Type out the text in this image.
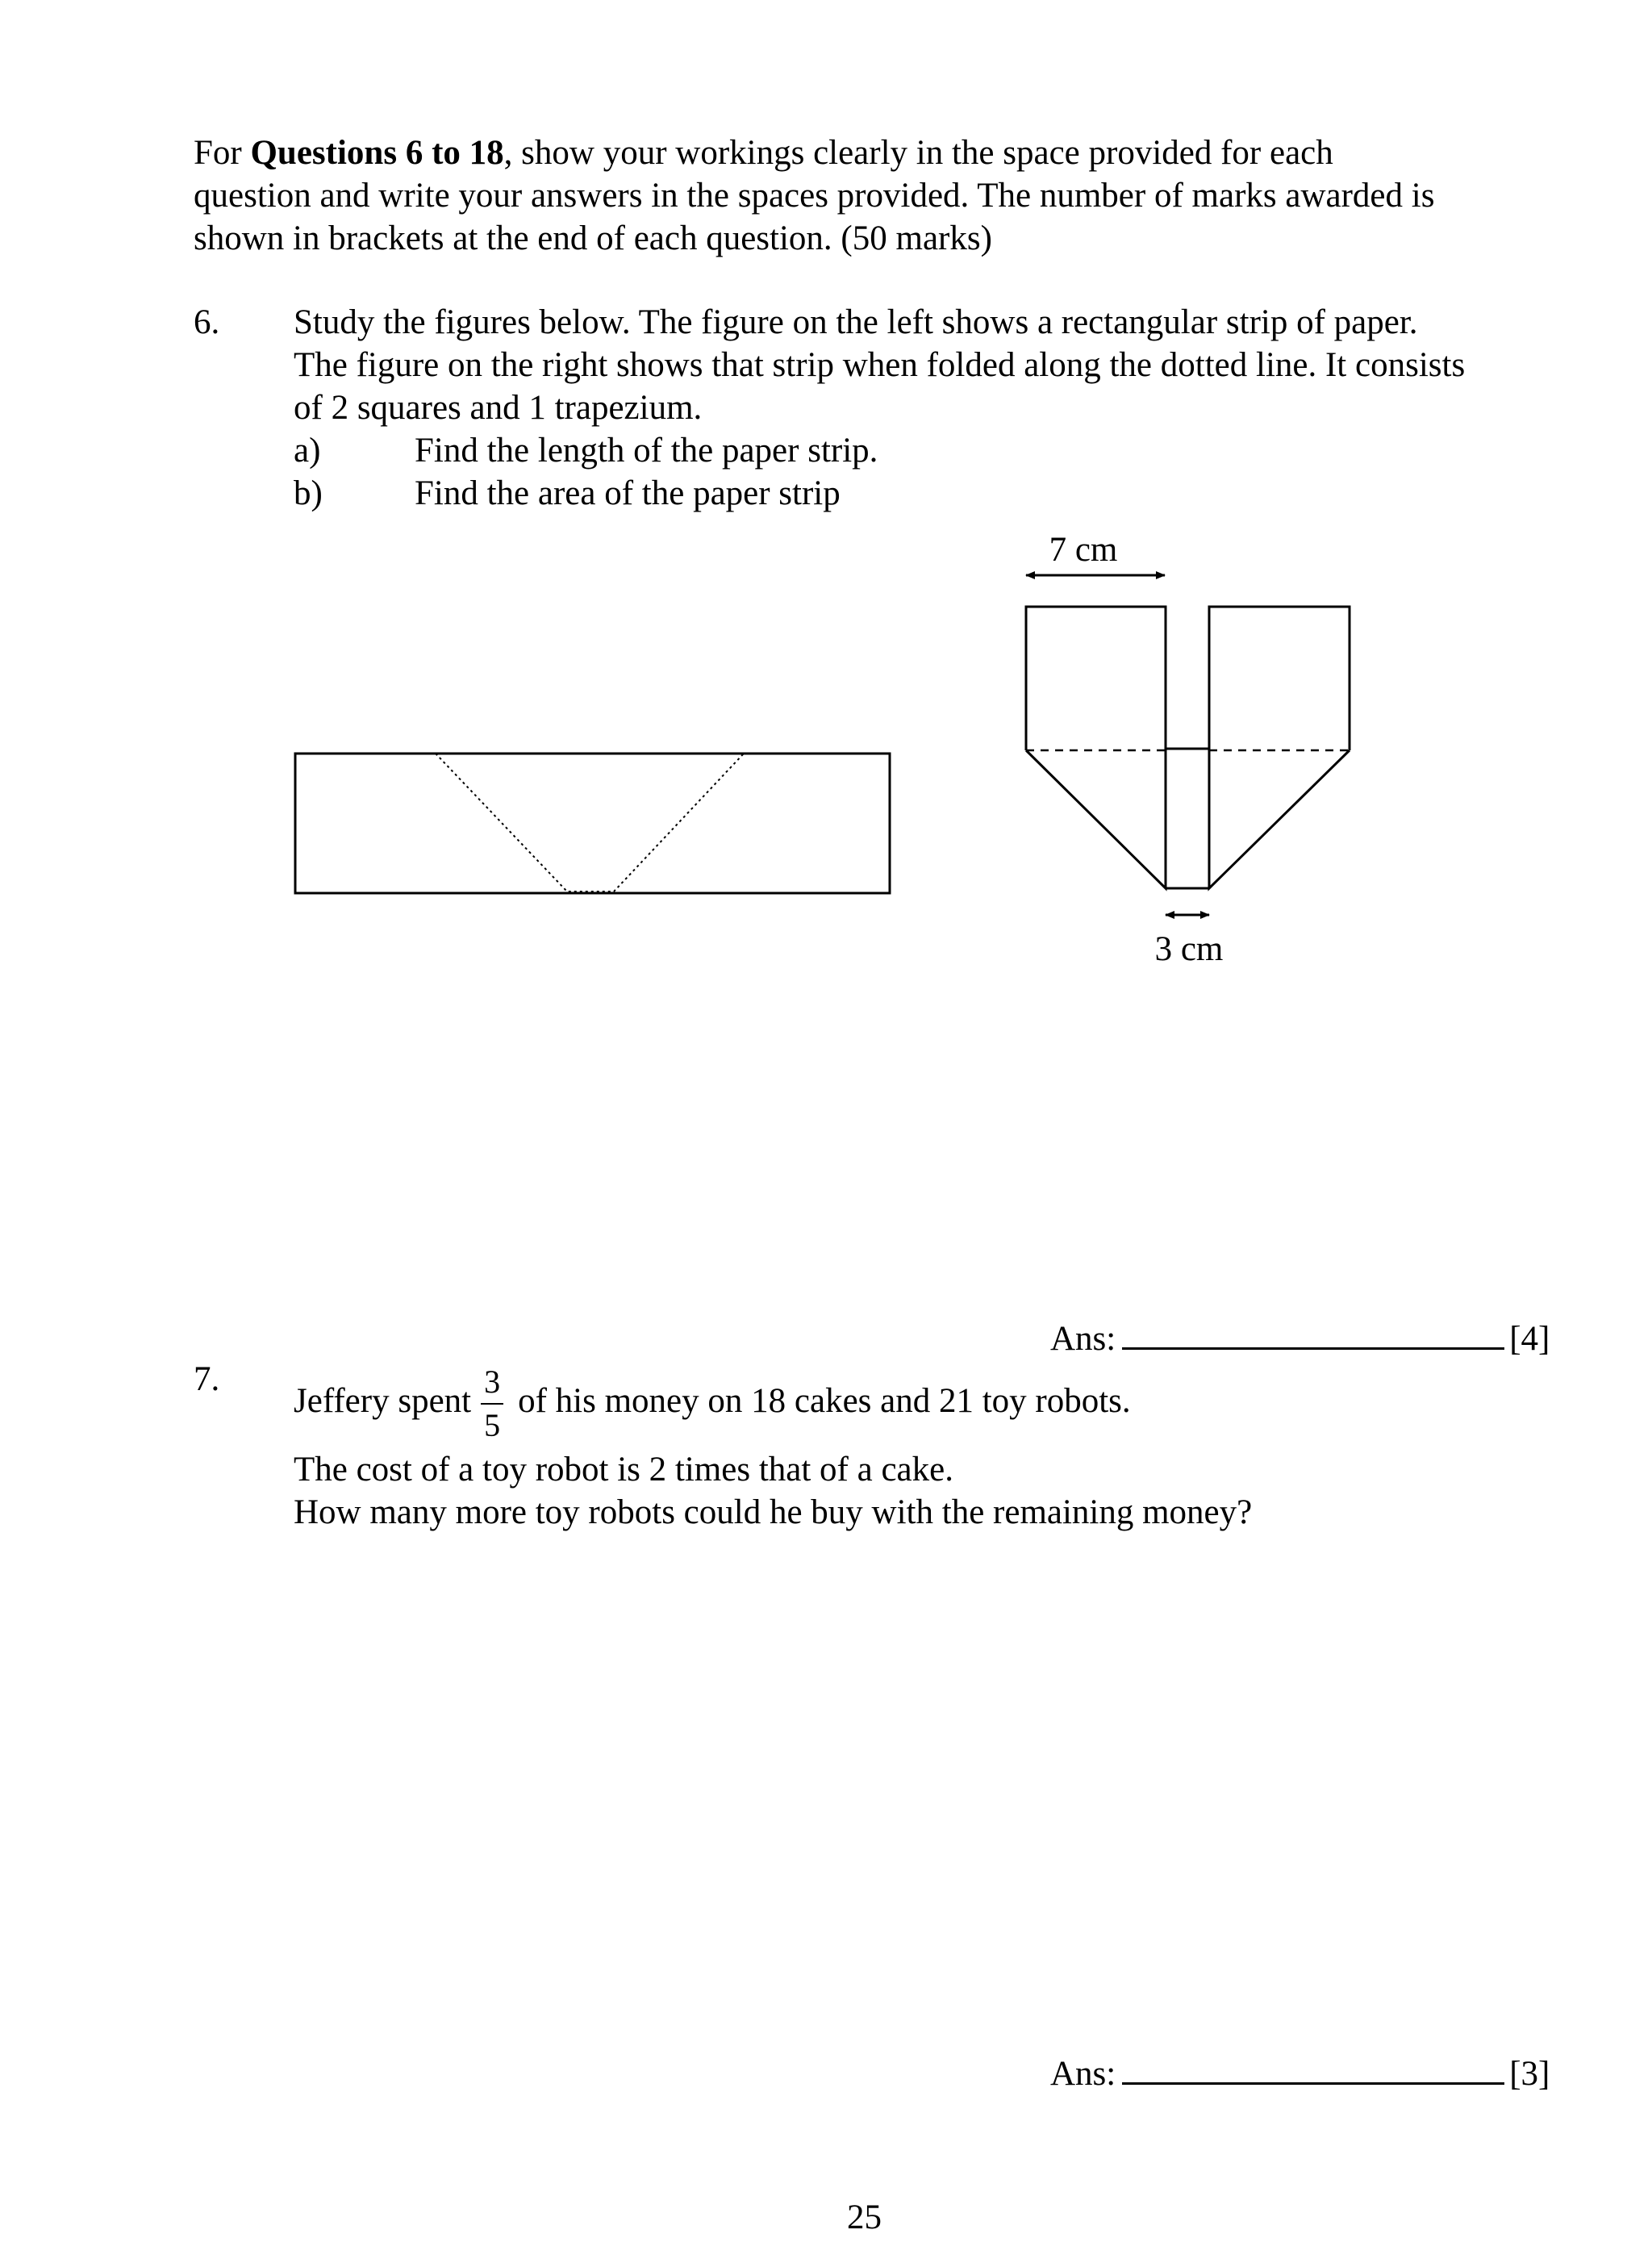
For Questions 6 to 18, show your workings clearly in the space provided for each
question and write your answers in the spaces provided. The number of marks awarded is
shown in brackets at the end of each question. (50 marks)
6. Study the figures below. The figure on the left shows a rectangular strip of paper.
The figure on the right shows that strip when folded along the dotted line. It consists
of 2 squares and 1 trapezium.
a)	Find the length of the paper strip.
b)	Find the area of the paper strip
7 cm
3 cm
Ans:	[4]
7.
Jeffery spent $\frac{3}{5}$ of his money on 18 cakes and 21 toy robots.
The cost of a toy robot is 2 times that of a cake.
How many more toy robots could he buy with the remaining money?
Ans:	[3]
25
